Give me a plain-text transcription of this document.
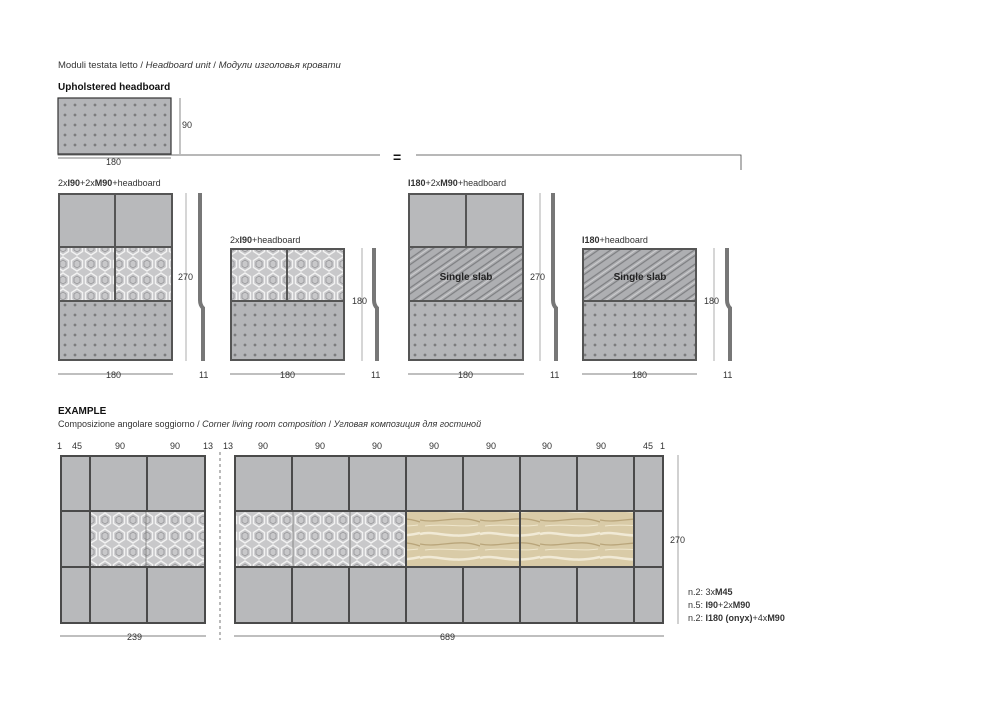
Moduli testata letto / Headboard unit / Модули изголовья кровати
Upholstered headboard
90
180	=
2xI90+2xM90+headboard
270
180	11
2xI90+headboard
180
180	11
I180+2xM90+headboard
Single slab	270
180	11
I180+headboard
Single slab
180
180	11
EXAMPLE
Composizione angolare soggiorno / Corner living room composition / Угловая композиция для гостиной
1 45	90	90	13 13	90	90	90	90	90	90	90	45 1
270
239	689
n.2: 3xM45
n.5: I90+2xM90
n.2: I180 (onyx)+4xM90
